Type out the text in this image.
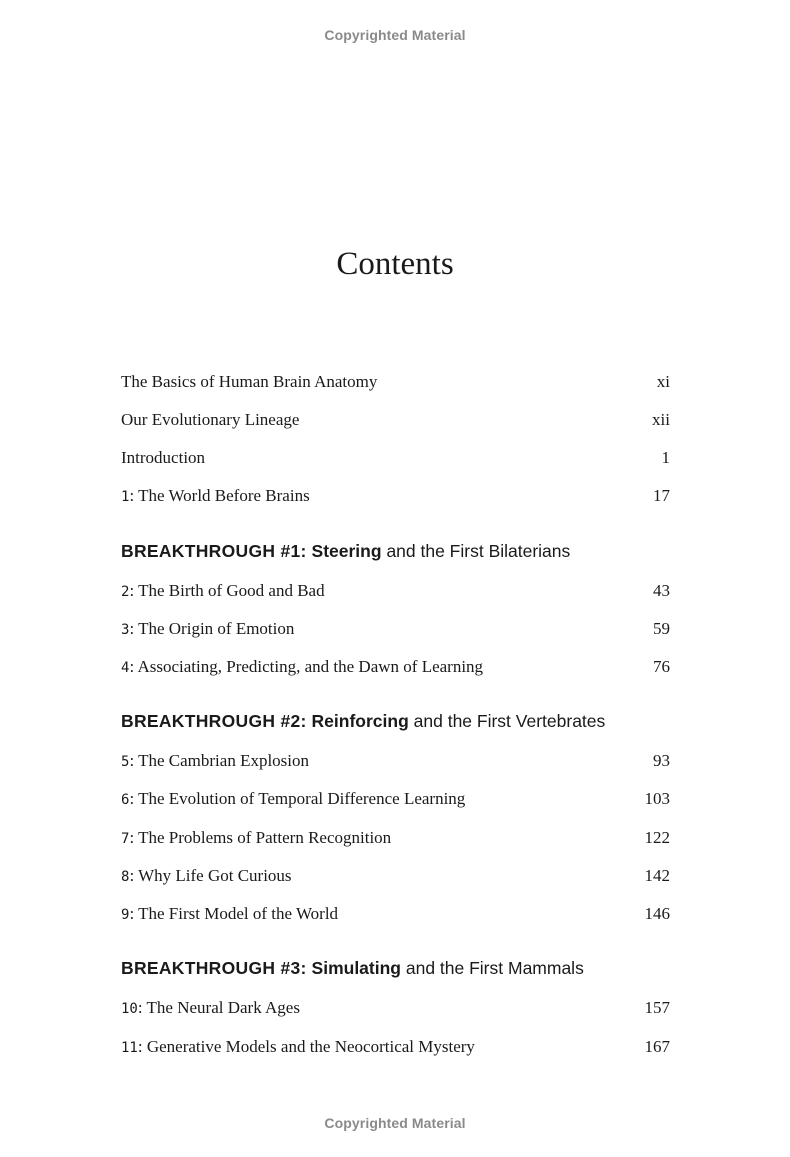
Copyrighted Material
Contents
The Basics of Human Brain Anatomy	xi
Our Evolutionary Lineage	xii
Introduction	1
1: The World Before Brains	17
BREAKTHROUGH #1: Steering and the First Bilaterians
2: The Birth of Good and Bad	43
3: The Origin of Emotion	59
4: Associating, Predicting, and the Dawn of Learning	76
BREAKTHROUGH #2: Reinforcing and the First Vertebrates
5: The Cambrian Explosion	93
6: The Evolution of Temporal Difference Learning	103
7: The Problems of Pattern Recognition	122
8: Why Life Got Curious	142
9: The First Model of the World	146
BREAKTHROUGH #3: Simulating and the First Mammals
10: The Neural Dark Ages	157
11: Generative Models and the Neocortical Mystery	167
Copyrighted Material
